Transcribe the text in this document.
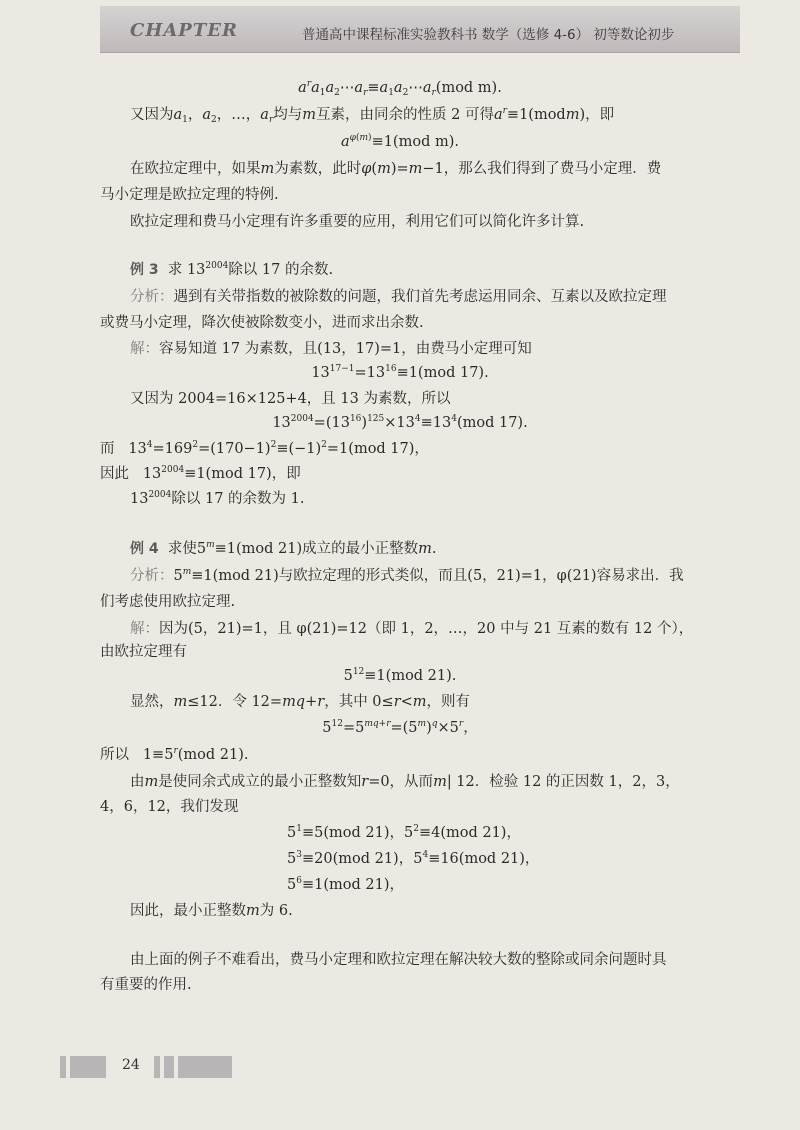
CHAPTER	普通高中课程标准实验教科书 数学（选修 4-6） 初等数论初步
$a^ra_1a_2\cdots a_r\equiv a_1a_2\cdots a_r(mod$ m).
又因为$a_1$，$a_2$，…，$a_r$均与m互素，由同余的性质 2 可得$a^r\equiv 1(modm)$，即
$a^{\varphi(m)}\equiv 1(mod$ m).
在欧拉定理中，如果m为素数，此时φ(m)=m−1，那么我们得到了费马小定理．费
马小定理是欧拉定理的特例.
欧拉定理和费马小定理有许多重要的应用，利用它们可以简化许多计算.
例 3 求 $13^{2004}$除以 17 的余数.
分析：遇到有关带指数的被除数的问题，我们首先考虑运用同余、互素以及欧拉定理
或费马小定理，降次使被除数变小，进而求出余数.
解：容易知道 17 为素数，且(13，17)=1，由费马小定理可知
$13^{17-1}=13^{16}\equiv 1(mod$ 17).
又因为 2004=16×125+4，且 13 为素数，所以
$13^{2004}=(13^{16})^{125}\times 13^4\equiv 13^4(mod$ 17).
而   $13^4=169^2=(170-1)^2\equiv(-1)^2=1(mod$ 17)，
因此   $13^{2004}\equiv 1(mod$ 17)，即
$13^{2004}$除以 17 的余数为 1.
例 4 求使$5^m\equiv 1(mod$ 21)成立的最小正整数m.
分析：$5^m\equiv 1(mod$ 21)与欧拉定理的形式类似，而且(5，21)=1，φ(21)容易求出．我
们考虑使用欧拉定理.
解：因为(5，21)=1，且 φ(21)=12（即 1，2，…，20 中与 21 互素的数有 12 个），
由欧拉定理有
$5^{12}\equiv 1(mod$ 21).
显然，m≤12．令 12=mq+r，其中 0≤r<m，则有
$5^{12}=5^{mq+r}=(5^m)^q\times 5^r$，
所以   $1\equiv 5^r(mod$ 21).
由m是使同余式成立的最小正整数知r=0，从而m| 12．检验 12 的正因数 1，2，3，
4，6，12，我们发现
$5^1\equiv 5(mod$ 21)，$5^2\equiv 4(mod$ 21)，
$5^3\equiv 20(mod$ 21)，$5^4\equiv 16(mod$ 21)，
$5^6\equiv 1(mod$ 21)，
因此，最小正整数m为 6.
由上面的例子不难看出，费马小定理和欧拉定理在解决较大数的整除或同余问题时具
有重要的作用.
24
